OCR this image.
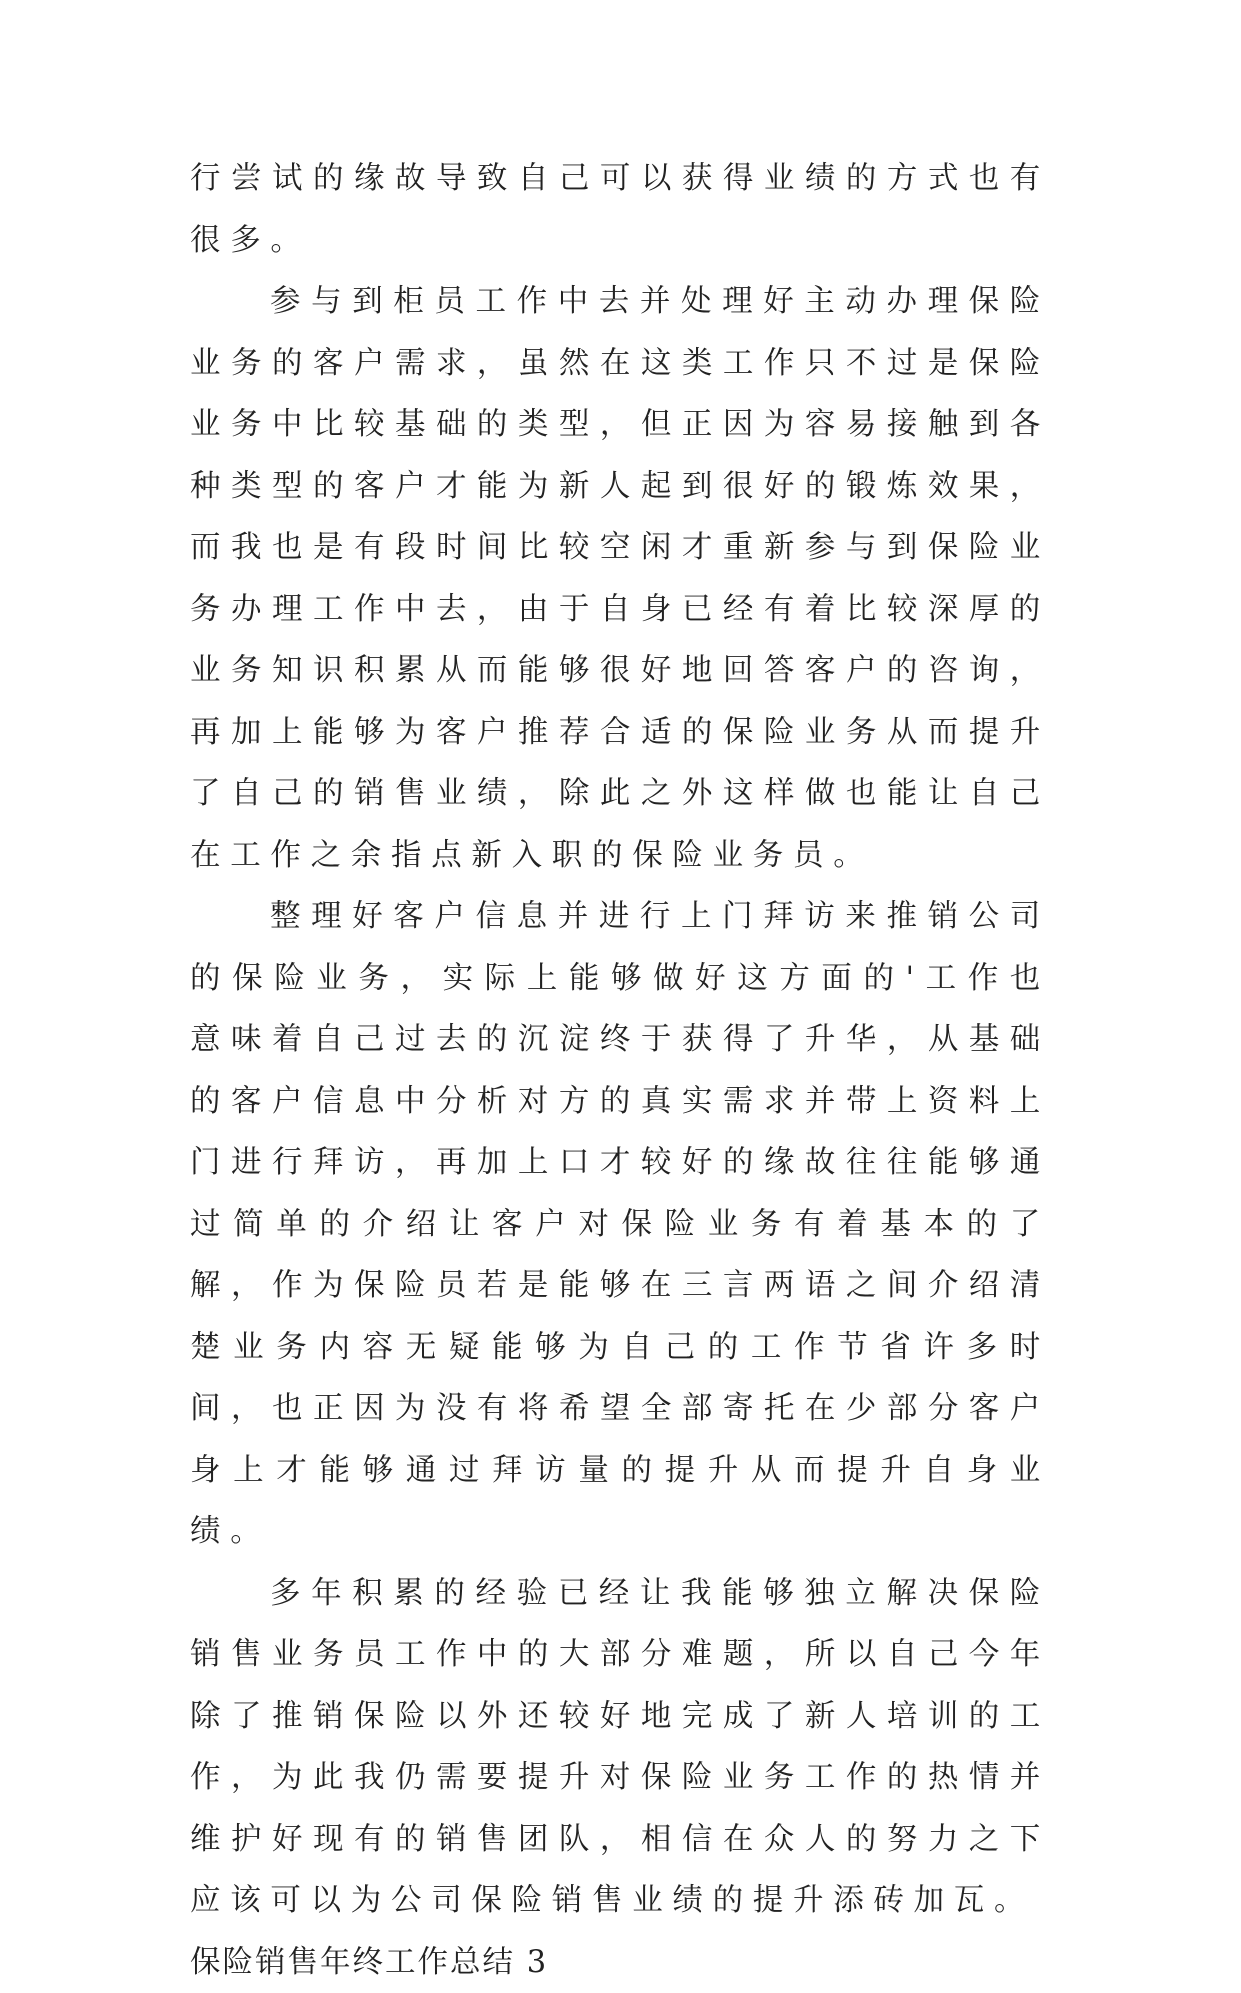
行尝试的缘故导致自己可以获得业绩的方式也有很多。

参与到柜员工作中去并处理好主动办理保险业务的客户需求，虽然在这类工作只不过是保险业务中比较基础的类型，但正因为容易接触到各种类型的客户才能为新人起到很好的锻炼效果，而我也是有段时间比较空闲才重新参与到保险业务办理工作中去，由于自身已经有着比较深厚的业务知识积累从而能够很好地回答客户的咨询，再加上能够为客户推荐合适的保险业务从而提升了自己的销售业绩，除此之外这样做也能让自己在工作之余指点新入职的保险业务员。

整理好客户信息并进行上门拜访来推销公司的保险业务，实际上能够做好这方面的'工作也意味着自己过去的沉淀终于获得了升华，从基础的客户信息中分析对方的真实需求并带上资料上门进行拜访，再加上口才较好的缘故往往能够通过简单的介绍让客户对保险业务有着基本的了解，作为保险员若是能够在三言两语之间介绍清楚业务内容无疑能够为自己的工作节省许多时间，也正因为没有将希望全部寄托在少部分客户身上才能够通过拜访量的提升从而提升自身业绩。

多年积累的经验已经让我能够独立解决保险销售业务员工作中的大部分难题，所以自己今年除了推销保险以外还较好地完成了新人培训的工作，为此我仍需要提升对保险业务工作的热情并维护好现有的销售团队，相信在众人的努力之下应该可以为公司保险销售业绩的提升添砖加瓦。

保险销售年终工作总结 3
